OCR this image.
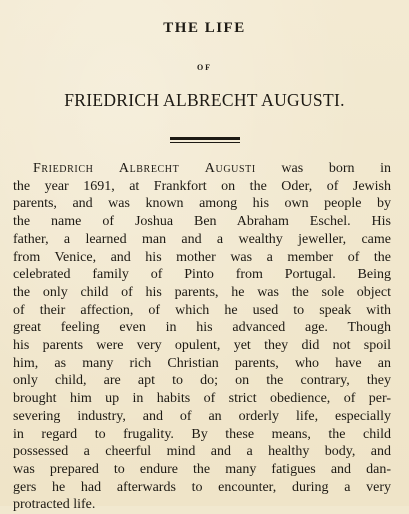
THE LIFE
OF
FRIEDRICH ALBRECHT AUGUSTI.
Friedrich Albrecht Augusti was born in
the year 1691, at Frankfort on the Oder, of Jewish
parents, and was known among his own people by
the name of Joshua Ben Abraham Eschel. His
father, a learned man and a wealthy jeweller, came
from Venice, and his mother was a member of the
celebrated family of Pinto from Portugal. Being
the only child of his parents, he was the sole object
of their affection, of which he used to speak with
great feeling even in his advanced age. Though
his parents were very opulent, yet they did not spoil
him, as many rich Christian parents, who have an
only child, are apt to do; on the contrary, they
brought him up in habits of strict obedience, of per-
severing industry, and of an orderly life, especially
in regard to frugality. By these means, the child
possessed a cheerful mind and a healthy body, and
was prepared to endure the many fatigues and dan-
gers he had afterwards to encounter, during a very
protracted life.
